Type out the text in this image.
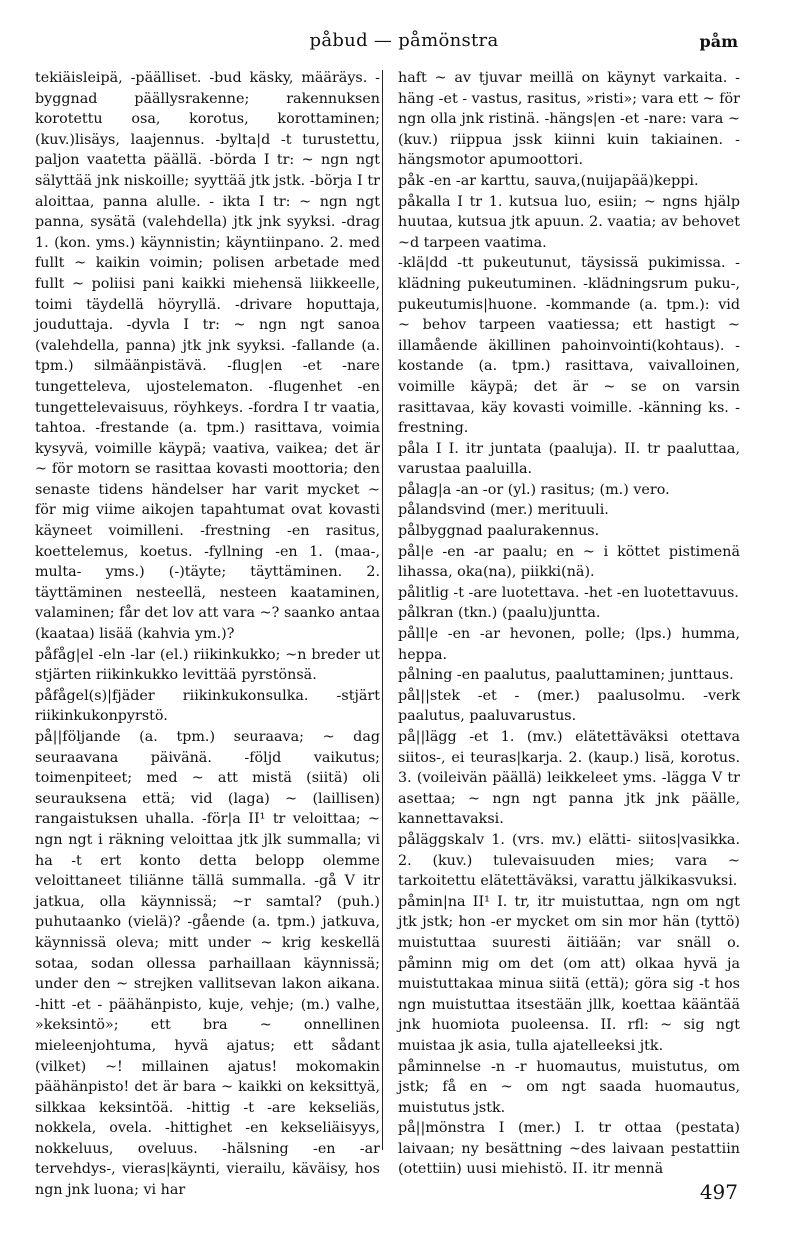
påbud — påmönstra	påm

tekiäisleipä, -päälliset. -bud käsky, määräys. -byggnad päällysrakenne; rakennuksen korotettu osa, korotus, korottaminen; (kuv.)lisäys, laajennus. -bylta|d -t turustettu, paljon vaatetta päällä. -börda I tr: ~ ngn ngt sälyttää jnk niskoille; syyttää jtk jstk. -börja I tr aloittaa, panna alulle. - ikta I tr: ~ ngn ngt panna, sysätä (valehdella) jtk jnk syyksi. -drag 1. (kon. yms.) käynnistin; käyntiinpano. 2. med fullt ~ kaikin voimin; polisen arbetade med fullt ~ poliisi pani kaikki miehensä liikkeelle, toimi täydellä höyryllä. -drivare hoputtaja, jouduttaja. -dyvla I tr: ~ ngn ngt sanoa (valehdella, panna) jtk jnk syyksi. -fallande (a. tpm.) silmäänpistävä. -flug|en -et -nare tungetteleva, ujostelematon. -flugenhet -en tungettelevaisuus, röyhkeys. -fordra I tr vaatia, tahtoa. -frestande (a. tpm.) rasittava, voimia kysyvä, voimille käypä; vaativa, vaikea; det är ~ för motorn se rasittaa kovasti moottoria; den senaste tidens händelser har varit mycket ~ för mig viime aikojen tapahtumat ovat kovasti käyneet voimilleni. -frestning -en rasitus, koettelemus, koetus. -fyllning -en 1. (maa-, multa- yms.) (-)täyte; täyttäminen. 2. täyttäminen nesteellä, nesteen kaataminen, valaminen; får det lov att vara ~? saanko antaa (kaataa) lisää (kahvia ym.)?

påfåg|el -eln -lar (el.) riikinkukko; ~n breder ut stjärten riikinkukko levittää pyrstönsä.

påfågel(s)|fjäder riikinkukonsulka. -stjärt riikinkukonpyrstö.

på||följande (a. tpm.) seuraava; ~ dag seuraavana päivänä. -följd vaikutus; toimenpiteet; med ~ att mistä (siitä) oli seurauksena että; vid (laga) ~ (laillisen) rangaistuksen uhalla. -för|a II¹ tr veloittaa; ~ ngn ngt i räkning veloittaa jtk jlk summalla; vi ha -t ert konto detta belopp olemme veloittaneet tiliänne tällä summalla. -gå V itr jatkua, olla käynnissä; ~r samtal? (puh.) puhutaanko (vielä)? -gående (a. tpm.) jatkuva, käynnissä oleva; mitt under ~ krig keskellä sotaa, sodan ollessa parhaillaan käynnissä; under den ~ strejken vallitsevan lakon aikana. -hitt -et - päähänpisto, kuje, vehje; (m.) valhe, »keksintö»; ett bra ~ onnellinen mieleenjohtuma, hyvä ajatus; ett sådant (vilket) ~! millainen ajatus! mokomakin päähänpisto! det är bara ~ kaikki on keksittyä, silkkaa keksintöä. -hittig -t -are kekseliäs, nokkela, ovela. -hittighet -en kekseliäisyys, nokkeluus, oveluus. -hälsning -en -ar tervehdys-, vieras|käynti, vierailu, käväisy, hos ngn jnk luona; vi har

haft ~ av tjuvar meillä on käynyt varkaita. -häng -et - vastus, rasitus, »risti»; vara ett ~ för ngn olla jnk ristinä. -hängs|en -et -nare: vara ~ (kuv.) riippua jssk kiinni kuin takiainen. -hängsmotor apumoottori.

påk -en -ar karttu, sauva,(nuijapää)keppi.

påkalla I tr 1. kutsua luo, esiin; ~ ngns hjälp huutaa, kutsua jtk apuun. 2. vaatia; av behovet ~d tarpeen vaatima.

-klä|dd -tt pukeutunut, täysissä pukimissa. -klädning pukeutuminen. -klädningsrum puku-, pukeutumis|huone. -kommande (a. tpm.): vid ~ behov tarpeen vaatiessa; ett hastigt ~ illamående äkillinen pahoinvointi(kohtaus). -kostande (a. tpm.) rasittava, vaivalloinen, voimille käypä; det är ~ se on varsin rasittavaa, käy kovasti voimille. -känning ks. -frestning.

påla I I. itr juntata (paaluja). II. tr paaluttaa, varustaa paaluilla.

pålag|a -an -or (yl.) rasitus; (m.) vero.

pålandsvind (mer.) merituuli.

pålbyggnad paalurakennus.

pål|e -en -ar paalu; en ~ i köttet pistimenä lihassa, oka(na), piikki(nä).

pålitlig -t -are luotettava. -het -en luotettavuus.

pålkran (tkn.) (paalu)juntta.

påll|e -en -ar hevonen, polle; (lps.) humma, heppa.

pålning -en paalutus, paaluttaminen; junttaus.

pål||stek -et - (mer.) paalusolmu. -verk paalutus, paaluvarustus.

på||lägg -et 1. (mv.) elätettäväksi otettava siitos-, ei teuras|karja. 2. (kaup.) lisä, korotus. 3. (voileivän päällä) leikkeleet yms. -lägga V tr asettaa; ~ ngn ngt panna jtk jnk päälle, kannettavaksi.

påläggskalv 1. (vrs. mv.) elätti- siitos|vasikka. 2. (kuv.) tulevaisuuden mies; vara ~ tarkoitettu elätettäväksi, varattu jälkikasvuksi.

påmin|na II¹ I. tr, itr muistuttaa, ngn om ngt jtk jstk; hon -er mycket om sin mor hän (tyttö) muistuttaa suuresti äitiään; var snäll o. påminn mig om det (om att) olkaa hyvä ja muistuttakaa minua siitä (että); göra sig -t hos ngn muistuttaa itsestään jllk, koettaa kääntää jnk huomiota puoleensa. II. rfl: ~ sig ngt muistaa jk asia, tulla ajatelleeksi jtk.

påminnelse -n -r huomautus, muistutus, om jstk; få en ~ om ngt saada huomautus, muistutus jstk.

på||mönstra I (mer.) I. tr ottaa (pestata) laivaan; ny besättning ~des laivaan pestattiin (otettiin) uusi miehistö. II. itr mennä

497
